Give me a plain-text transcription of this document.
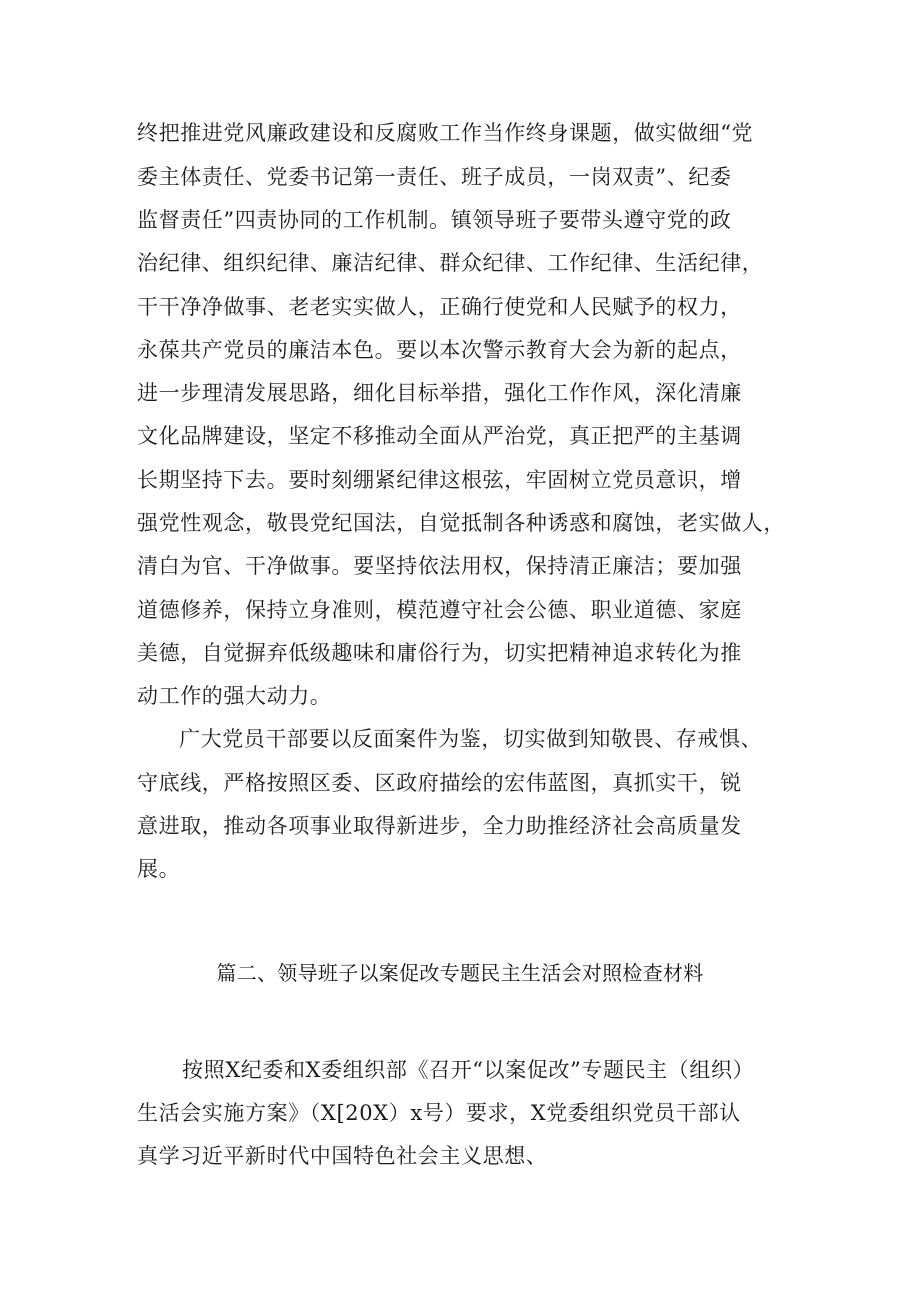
终把推进党风廉政建设和反腐败工作当作终身课题，做实做细“党
委主体责任、党委书记第一责任、班子成员，一岗双责”、纪委
监督责任”四责协同的工作机制。镇领导班子要带头遵守党的政
治纪律、组织纪律、廉洁纪律、群众纪律、工作纪律、生活纪律，
干干净净做事、老老实实做人，正确行使党和人民赋予的权力，
永葆共产党员的廉洁本色。要以本次警示教育大会为新的起点，
进一步理清发展思路，细化目标举措，强化工作作风，深化清廉
文化品牌建设，坚定不移推动全面从严治党，真正把严的主基调
长期坚持下去。要时刻绷紧纪律这根弦，牢固树立党员意识，增
强党性观念，敬畏党纪国法，自觉抵制各种诱惑和腐蚀，老实做人，
清白为官、干净做事。要坚持依法用权，保持清正廉洁；要加强
道德修养，保持立身准则，模范遵守社会公德、职业道德、家庭
美德，自觉摒弃低级趣味和庸俗行为，切实把精神追求转化为推
动工作的强大动力。
广大党员干部要以反面案件为鉴，切实做到知敬畏、存戒惧、
守底线，严格按照区委、区政府描绘的宏伟蓝图，真抓实干，锐
意进取，推动各项事业取得新进步，全力助推经济社会高质量发
展。
篇二、领导班子以案促改专题民主生活会对照检查材料
按照X纪委和X委组织部《召开“以案促改”专题民主（组织）
生活会实施方案》（X[20X）x号）要求，X党委组织党员干部认
真学习近平新时代中国特色社会主义思想、
